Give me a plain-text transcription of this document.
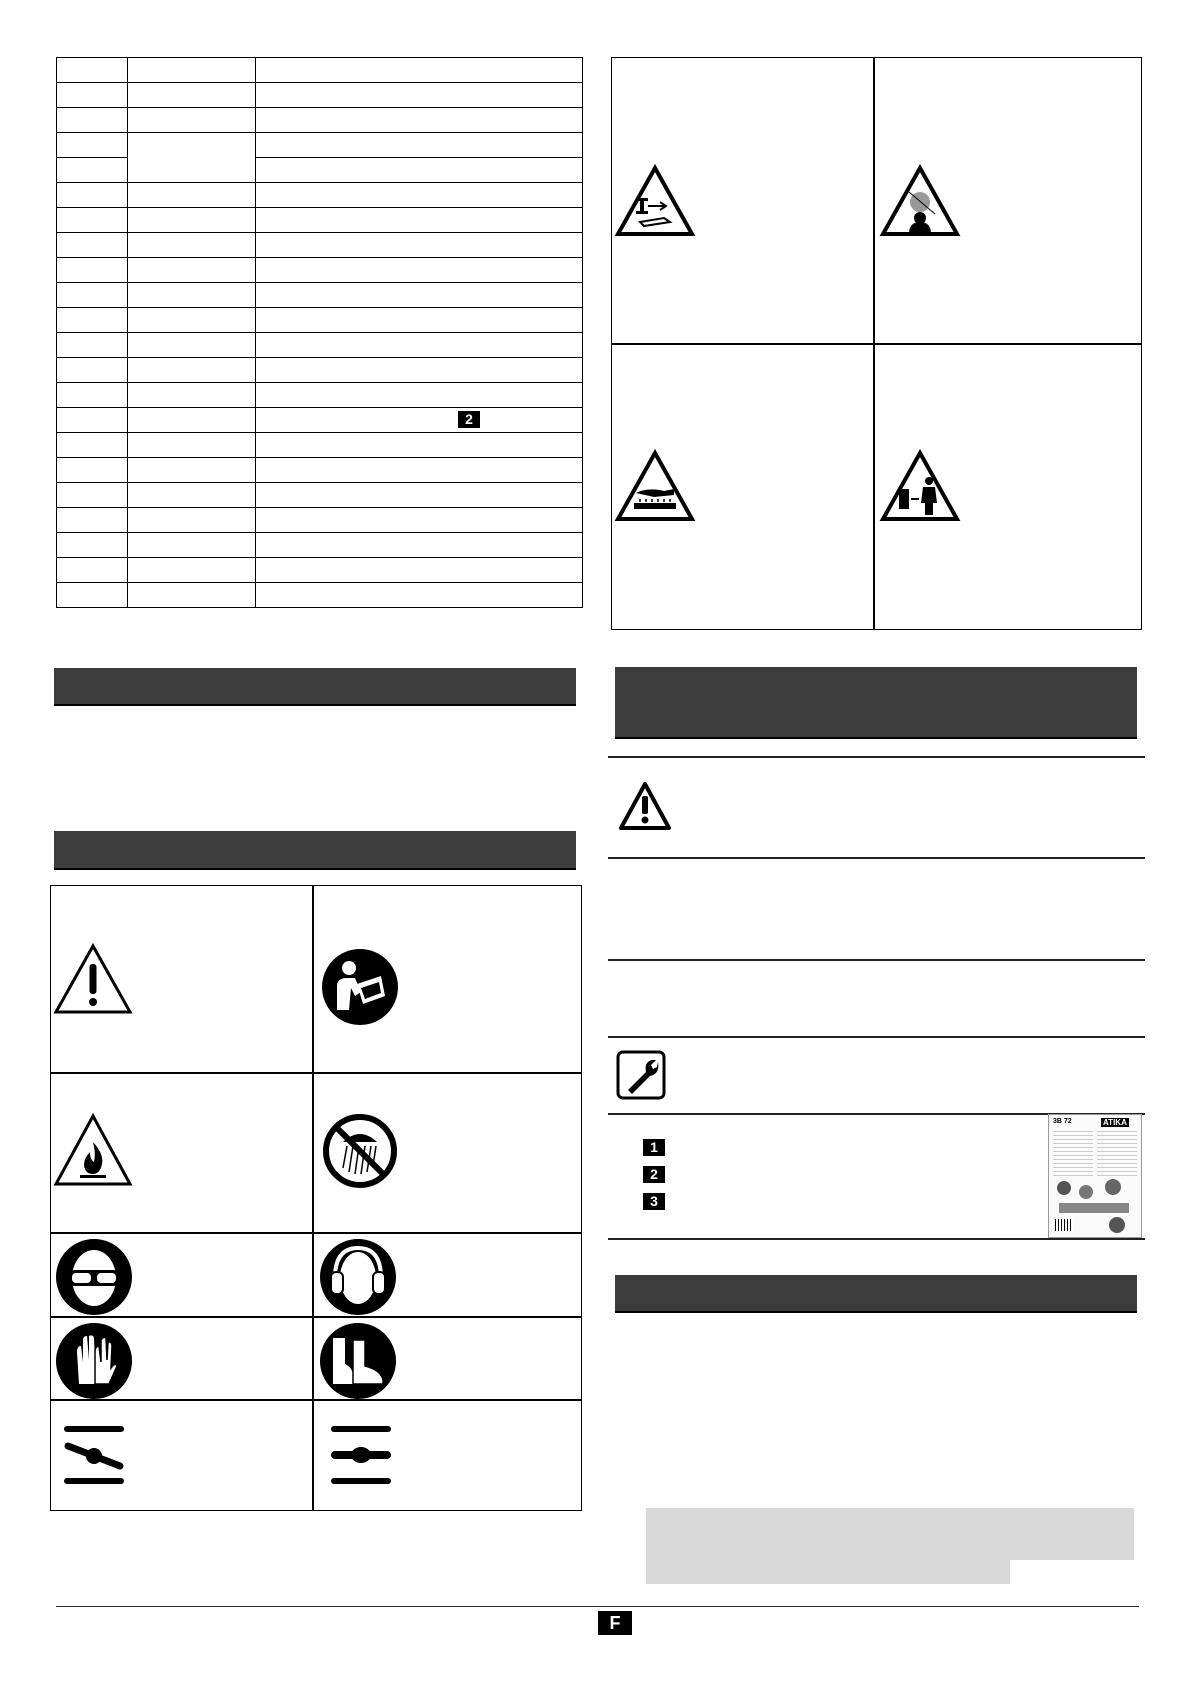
		2

1
2
3
3B 72	ATIKA
F
